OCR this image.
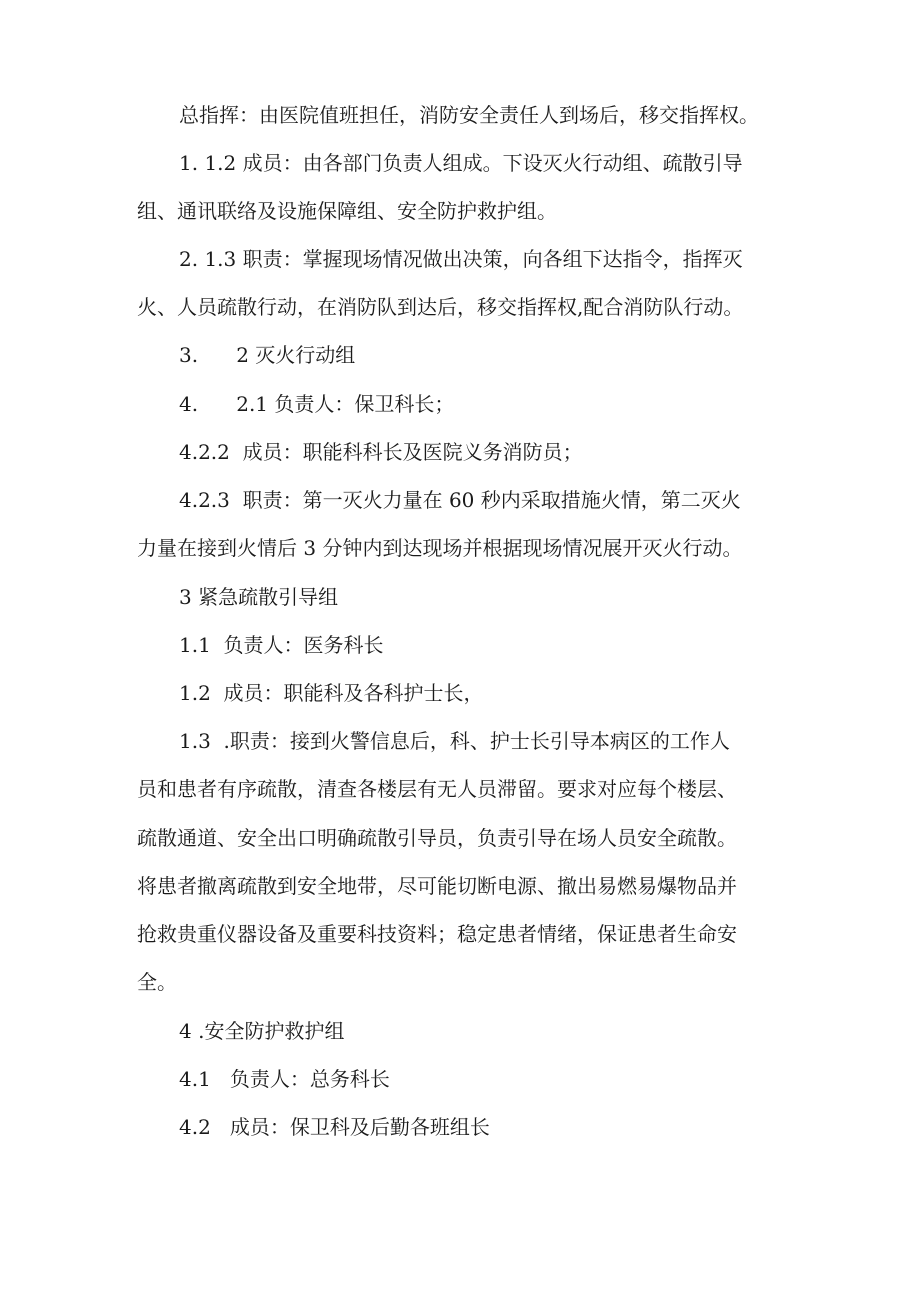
总指挥：由医院值班担任，消防安全责任人到场后，移交指挥权。
1. 1.2 成员：由各部门负责人组成。下设灭火行动组、疏散引导
组、通讯联络及设施保障组、安全防护救护组。
2. 1.3 职责：掌握现场情况做出决策，向各组下达指令，指挥灭
火、人员疏散行动，在消防队到达后，移交指挥权,配合消防队行动。
3.      2 灭火行动组
4.      2.1 负责人：保卫科长；
4.2.2  成员：职能科科长及医院义务消防员；
4.2.3  职责：第一灭火力量在 60 秒内采取措施火情，第二灭火
力量在接到火情后 3 分钟内到达现场并根据现场情况展开灭火行动。
3 紧急疏散引导组
1.1  负责人：医务科长
1.2  成员：职能科及各科护士长，
1.3  .职责：接到火警信息后，科、护士长引导本病区的工作人
员和患者有序疏散，清查各楼层有无人员滞留。要求对应每个楼层、
疏散通道、安全出口明确疏散引导员，负责引导在场人员安全疏散。
将患者撤离疏散到安全地带，尽可能切断电源、撤出易燃易爆物品并
抢救贵重仪器设备及重要科技资料；稳定患者情绪，保证患者生命安
全。
4 .安全防护救护组
4.1   负责人：总务科长
4.2   成员：保卫科及后勤各班组长
